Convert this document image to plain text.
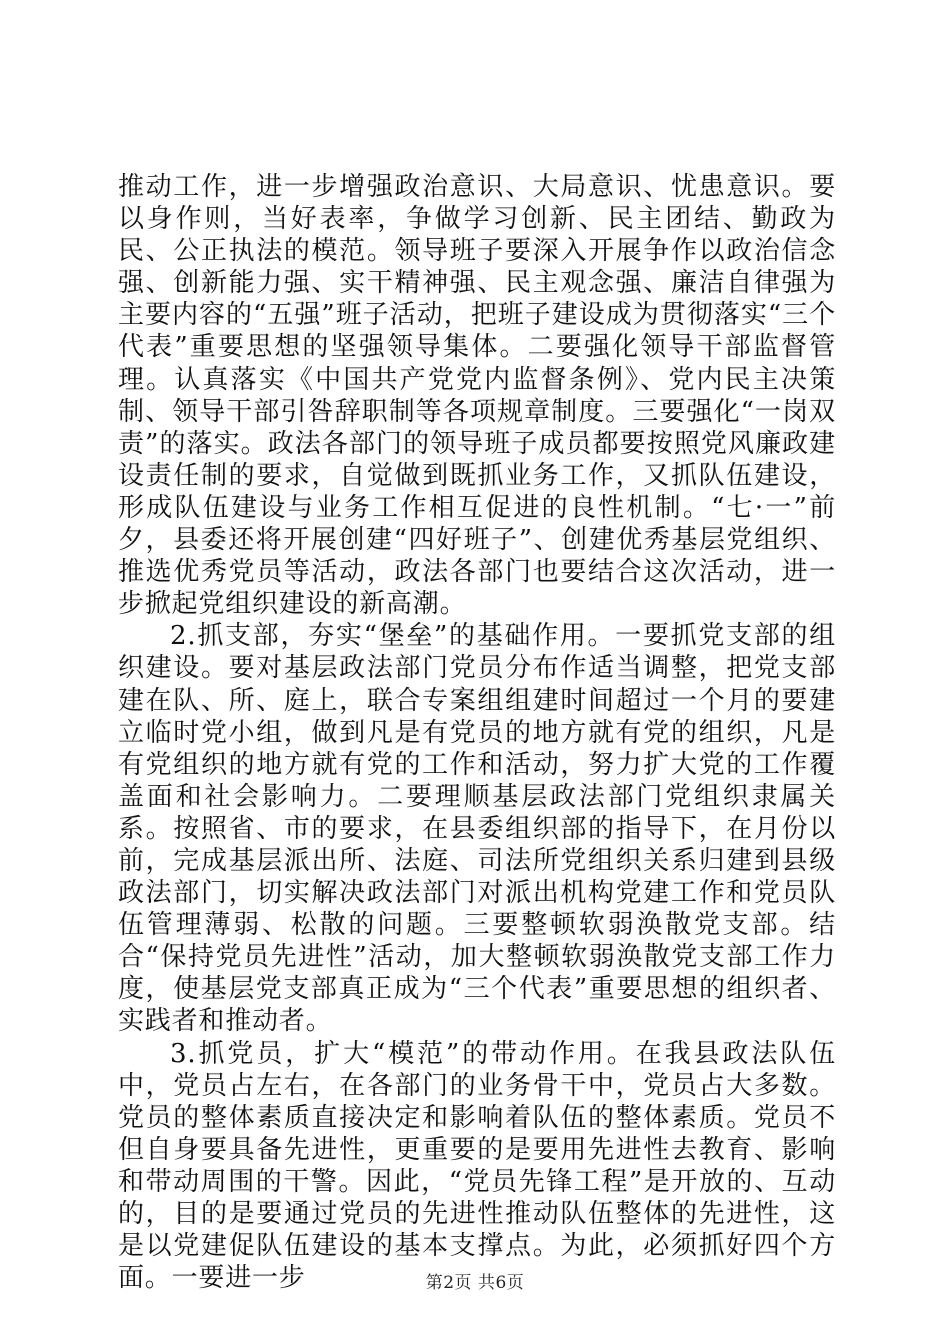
推动工作，进一步增强政治意识、大局意识、忧患意识。要以身作则，当好表率，争做学习创新、民主团结、勤政为民、公正执法的模范。领导班子要深入开展争作以政治信念强、创新能力强、实干精神强、民主观念强、廉洁自律强为主要内容的“五强”班子活动，把班子建设成为贯彻落实“三个代表”重要思想的坚强领导集体。二要强化领导干部监督管理。认真落实《中国共产党党内监督条例》、党内民主决策制、领导干部引咎辞职制等各项规章制度。三要强化“一岗双责”的落实。政法各部门的领导班子成员都要按照党风廉政建设责任制的要求，自觉做到既抓业务工作，又抓队伍建设，形成队伍建设与业务工作相互促进的良性机制。“七·一”前夕，县委还将开展创建“四好班子”、创建优秀基层党组织、推选优秀党员等活动，政法各部门也要结合这次活动，进一步掀起党组织建设的新高潮。

2.抓支部，夯实“堡垒”的基础作用。一要抓党支部的组织建设。要对基层政法部门党员分布作适当调整，把党支部建在队、所、庭上，联合专案组组建时间超过一个月的要建立临时党小组，做到凡是有党员的地方就有党的组织，凡是有党组织的地方就有党的工作和活动，努力扩大党的工作覆盖面和社会影响力。二要理顺基层政法部门党组织隶属关系。按照省、市的要求，在县委组织部的指导下，在月份以前，完成基层派出所、法庭、司法所党组织关系归建到县级政法部门，切实解决政法部门对派出机构党建工作和党员队伍管理薄弱、松散的问题。三要整顿软弱涣散党支部。结合“保持党员先进性”活动，加大整顿软弱涣散党支部工作力度，使基层党支部真正成为“三个代表”重要思想的组织者、实践者和推动者。

3.抓党员，扩大“模范”的带动作用。在我县政法队伍中，党员占左右，在各部门的业务骨干中，党员占大多数。党员的整体素质直接决定和影响着队伍的整体素质。党员不但自身要具备先进性，更重要的是要用先进性去教育、影响和带动周围的干警。因此，“党员先锋工程”是开放的、互动的，目的是要通过党员的先进性推动队伍整体的先进性，这是以党建促队伍建设的基本支撑点。为此，必须抓好四个方面。一要进一步	第2页 共6页
